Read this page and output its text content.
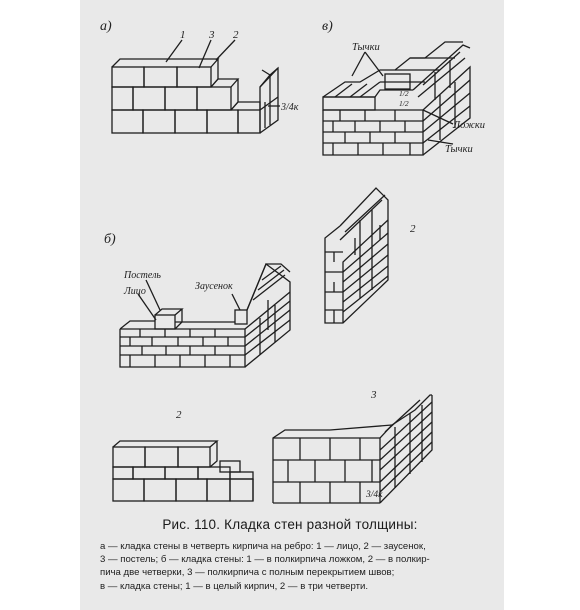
а)
1 3 2
3/4к
в)
Тычки
1/2
1/2
Ложки
Тычки
б)
Постель
Лицо	Заусенок
2
2
3
3/4к
Рис. 110. Кладка стен разной толщины:

а — кладка стены в четверть кирпича на ребро: 1 — лицо, 2 — заусенок,

3 — постель; б — кладка стены: 1 — в полкирпича ложком, 2 — в полкир-

пича две четверки, 3 — полкирпича с полным перекрытием швов;

в — кладка стены; 1 — в целый кирпич, 2 — в три четверти.
